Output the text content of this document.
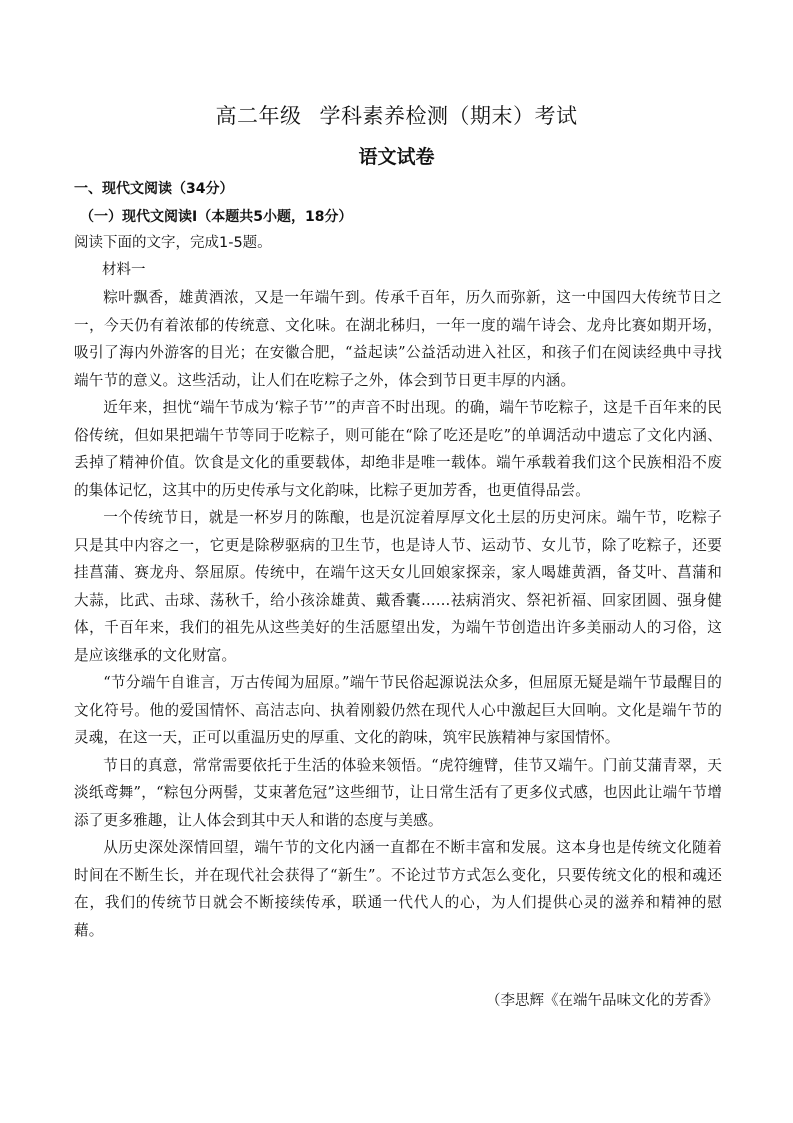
高二年级 学科素养检测（期末）考试
语文试卷
一、现代文阅读（34分）
（一）现代文阅读Ⅰ（本题共5小题，18分）
阅读下面的文字，完成1-5题。
材料一

粽叶飘香，雄黄酒浓，又是一年端午到。传承千百年，历久而弥新，这一中国四大传统节日之一，今天仍有着浓郁的传统意、文化味。在湖北秭归，一年一度的端午诗会、龙舟比赛如期开场，吸引了海内外游客的目光；在安徽合肥，“益起读”公益活动进入社区，和孩子们在阅读经典中寻找端午节的意义。这些活动，让人们在吃粽子之外，体会到节日更丰厚的内涵。

近年来，担忧“端午节成为‘粽子节’”的声音不时出现。的确，端午节吃粽子，这是千百年来的民俗传统，但如果把端午节等同于吃粽子，则可能在“除了吃还是吃”的单调活动中遗忘了文化内涵、丢掉了精神价值。饮食是文化的重要载体，却绝非是唯一载体。端午承载着我们这个民族相沿不废的集体记忆，这其中的历史传承与文化韵味，比粽子更加芳香，也更值得品尝。

一个传统节日，就是一杯岁月的陈酿，也是沉淀着厚厚文化土层的历史河床。端午节，吃粽子只是其中内容之一，它更是除秽驱病的卫生节，也是诗人节、运动节、女儿节，除了吃粽子，还要挂菖蒲、赛龙舟、祭屈原。传统中，在端午这天女儿回娘家探亲，家人喝雄黄酒，备艾叶、菖蒲和大蒜，比武、击球、荡秋千，给小孩涂雄黄、戴香囊……祛病消灾、祭祀祈福、回家团圆、强身健体，千百年来，我们的祖先从这些美好的生活愿望出发，为端午节创造出许多美丽动人的习俗，这是应该继承的文化财富。

“节分端午自谁言，万古传闻为屈原。”端午节民俗起源说法众多，但屈原无疑是端午节最醒目的文化符号。他的爱国情怀、高洁志向、执着刚毅仍然在现代人心中激起巨大回响。文化是端午节的灵魂，在这一天，正可以重温历史的厚重、文化的韵味，筑牢民族精神与家国情怀。

节日的真意，常常需要依托于生活的体验来领悟。“虎符缠臂，佳节又端午。门前艾蒲青翠，天淡纸鸢舞”，“粽包分两髻，艾束著危冠”这些细节，让日常生活有了更多仪式感，也因此让端午节增添了更多雅趣，让人体会到其中天人和谐的态度与美感。

从历史深处深情回望，端午节的文化内涵一直都在不断丰富和发展。这本身也是传统文化随着时间在不断生长，并在现代社会获得了“新生”。不论过节方式怎么变化，只要传统文化的根和魂还在，我们的传统节日就会不断接续传承，联通一代代人的心，为人们提供心灵的滋养和精神的慰藉。

（李思辉《在端午品味文化的芳香》
